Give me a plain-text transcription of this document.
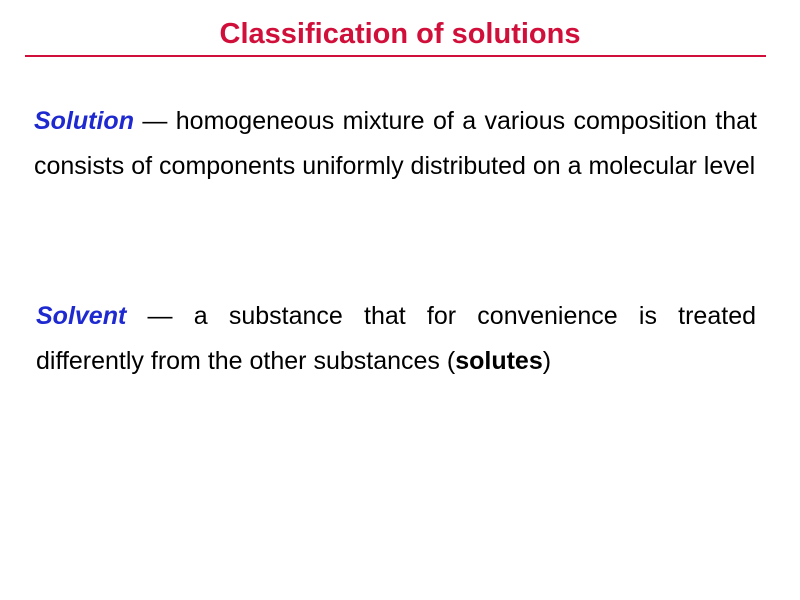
Classification of solutions
Solution — homogeneous mixture of a various composition that consists of components uniformly distributed on a molecular level
Solvent — a substance that for convenience is treated differently from the other substances (solutes)
